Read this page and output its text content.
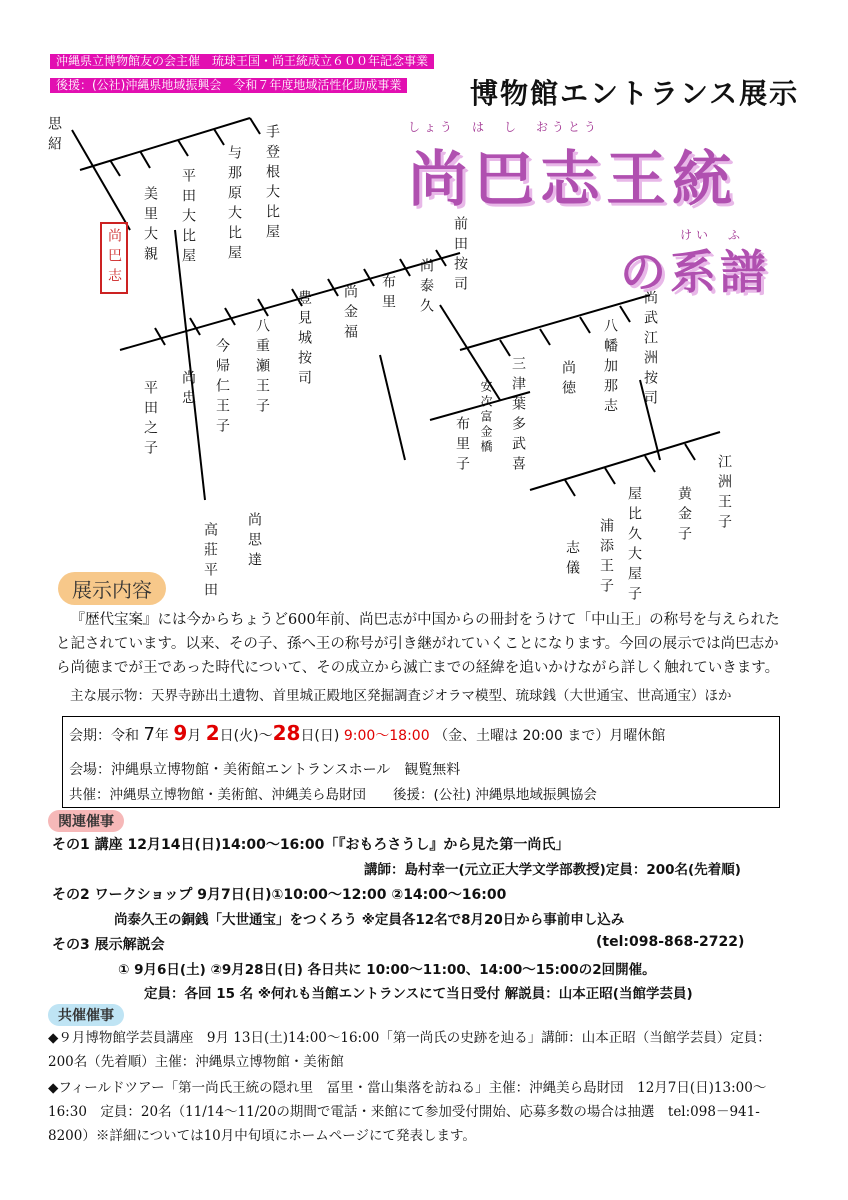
沖縄県立博物館友の会主催　琉球王国・尚王統成立６００年記念事業
後援：(公社)沖縄県地域振興会　令和７年度地域活性化助成事業 博物館エントランス展示
思紹
尚巴志	美里大親 平田大比屋 与那原大比屋 手登根大比屋
平田之子 尚忠 今帰仁王子 八重瀬王子 豊見城按司 尚金福 布里 尚泰久 前田按司
尚思達
高莊平田
布里子 安次富金橋 三津葉多武喜 尚徳 八幡加那志 尚武江洲按司
志儀 浦添王子 屋比久大屋子 黄金子 江洲王子
しょう　は　し　おうとう
尚巴志王統
けい　ふ
の系譜
展示内容
『歴代宝案』には今からちょうど600年前、尚巴志が中国からの冊封をうけて「中山王」の称号を与えられたと記されています。以来、その子、孫へ王の称号が引き継がれていくことになります。今回の展示では尚巴志から尚徳までが王であった時代について、その成立から滅亡までの経緯を追いかけながら詳しく触れていきます。
主な展示物：天界寺跡出土遺物、首里城正殿地区発掘調査ジオラマ模型、琉球銭（大世通宝、世高通宝）ほか
会期：令和 7年 9月 2日(火)〜28日(日) 9:00〜18:00 （金、土曜は 20:00 まで）月曜休館
会場：沖縄県立博物館・美術館エントランスホール　観覧無料
共催：沖縄県立博物館・美術館、沖縄美ら島財団　　後援：(公社) 沖縄県地域振興協会
関連催事
その1 講座 12月14日(日)14:00〜16:00「『おもろさうし』から見た第一尚氏」
講師：島村幸一(元立正大学文学部教授)定員：200名(先着順)
その2 ワークショップ 9月7日(日)①10:00〜12:00 ②14:00〜16:00
尚泰久王の銅銭「大世通宝」をつくろう ※定員各12名で8月20日から事前申し込み
その3 展示解説会	(tel:098-868-2722)
① 9月6日(土) ②9月28日(日) 各日共に 10:00〜11:00、14:00〜15:00の2回開催。
定員：各回 15 名 ※何れも当館エントランスにて当日受付 解説員：山本正昭(当館学芸員)
共催催事
◆９月博物館学芸員講座　9月 13日(土)14:00〜16:00「第一尚氏の史跡を辿る」講師：山本正昭（当館学芸員）定員：200名（先着順）主催：沖縄県立博物館・美術館
◆フィールドツアー「第一尚氏王統の隠れ里　冨里・當山集落を訪ねる」主催：沖縄美ら島財団　12月7日(日)13:00〜16:30　定員：20名（11/14〜11/20の期間で電話・来館にて参加受付開始、応募多数の場合は抽選　tel:098－941-8200）※詳細については10月中旬頃にホームページにて発表します。
